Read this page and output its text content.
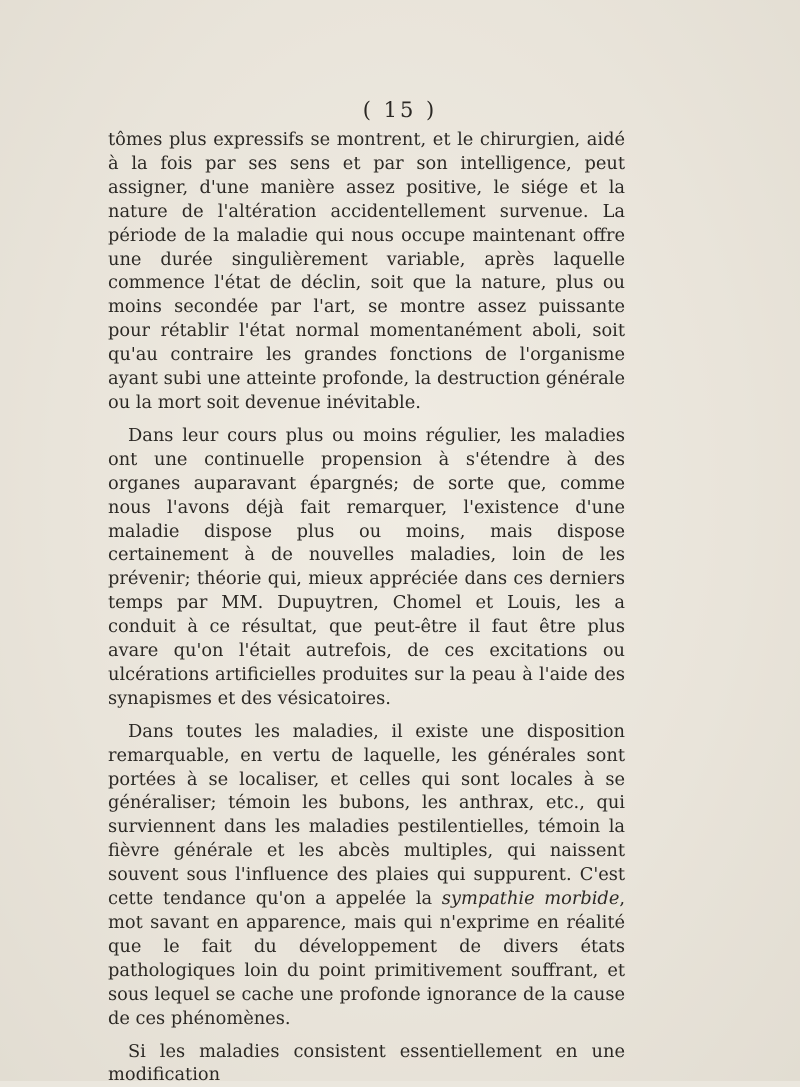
( 15 )

tômes plus expressifs se montrent, et le chirurgien, aidé à la fois par ses sens et par son intelligence, peut assigner, d'une manière assez positive, le siége et la nature de l'altération accidentellement survenue. La période de la maladie qui nous occupe maintenant offre une durée singulièrement variable, après laquelle commence l'état de déclin, soit que la nature, plus ou moins secondée par l'art, se montre assez puissante pour rétablir l'état normal momentanément aboli, soit qu'au contraire les grandes fonctions de l'organisme ayant subi une atteinte profonde, la destruction générale ou la mort soit devenue inévitable.

Dans leur cours plus ou moins régulier, les maladies ont une continuelle propension à s'étendre à des organes auparavant épargnés; de sorte que, comme nous l'avons déjà fait remarquer, l'existence d'une maladie dispose plus ou moins, mais dispose certainement à de nouvelles maladies, loin de les prévenir; théorie qui, mieux appréciée dans ces derniers temps par MM. Dupuytren, Chomel et Louis, les a conduit à ce résultat, que peut-être il faut être plus avare qu'on l'était autrefois, de ces excitations ou ulcérations artificielles produites sur la peau à l'aide des synapismes et des vésicatoires.

Dans toutes les maladies, il existe une disposition remarquable, en vertu de laquelle, les générales sont portées à se localiser, et celles qui sont locales à se généraliser; témoin les bubons, les anthrax, etc., qui surviennent dans les maladies pestilentielles, témoin la fièvre générale et les abcès multiples, qui naissent souvent sous l'influence des plaies qui suppurent. C'est cette tendance qu'on a appelée la sympathie morbide, mot savant en apparence, mais qui n'exprime en réalité que le fait du développement de divers états pathologiques loin du point primitivement souffrant, et sous lequel se cache une profonde ignorance de la cause de ces phénomènes.

Si les maladies consistent essentiellement en une modification
